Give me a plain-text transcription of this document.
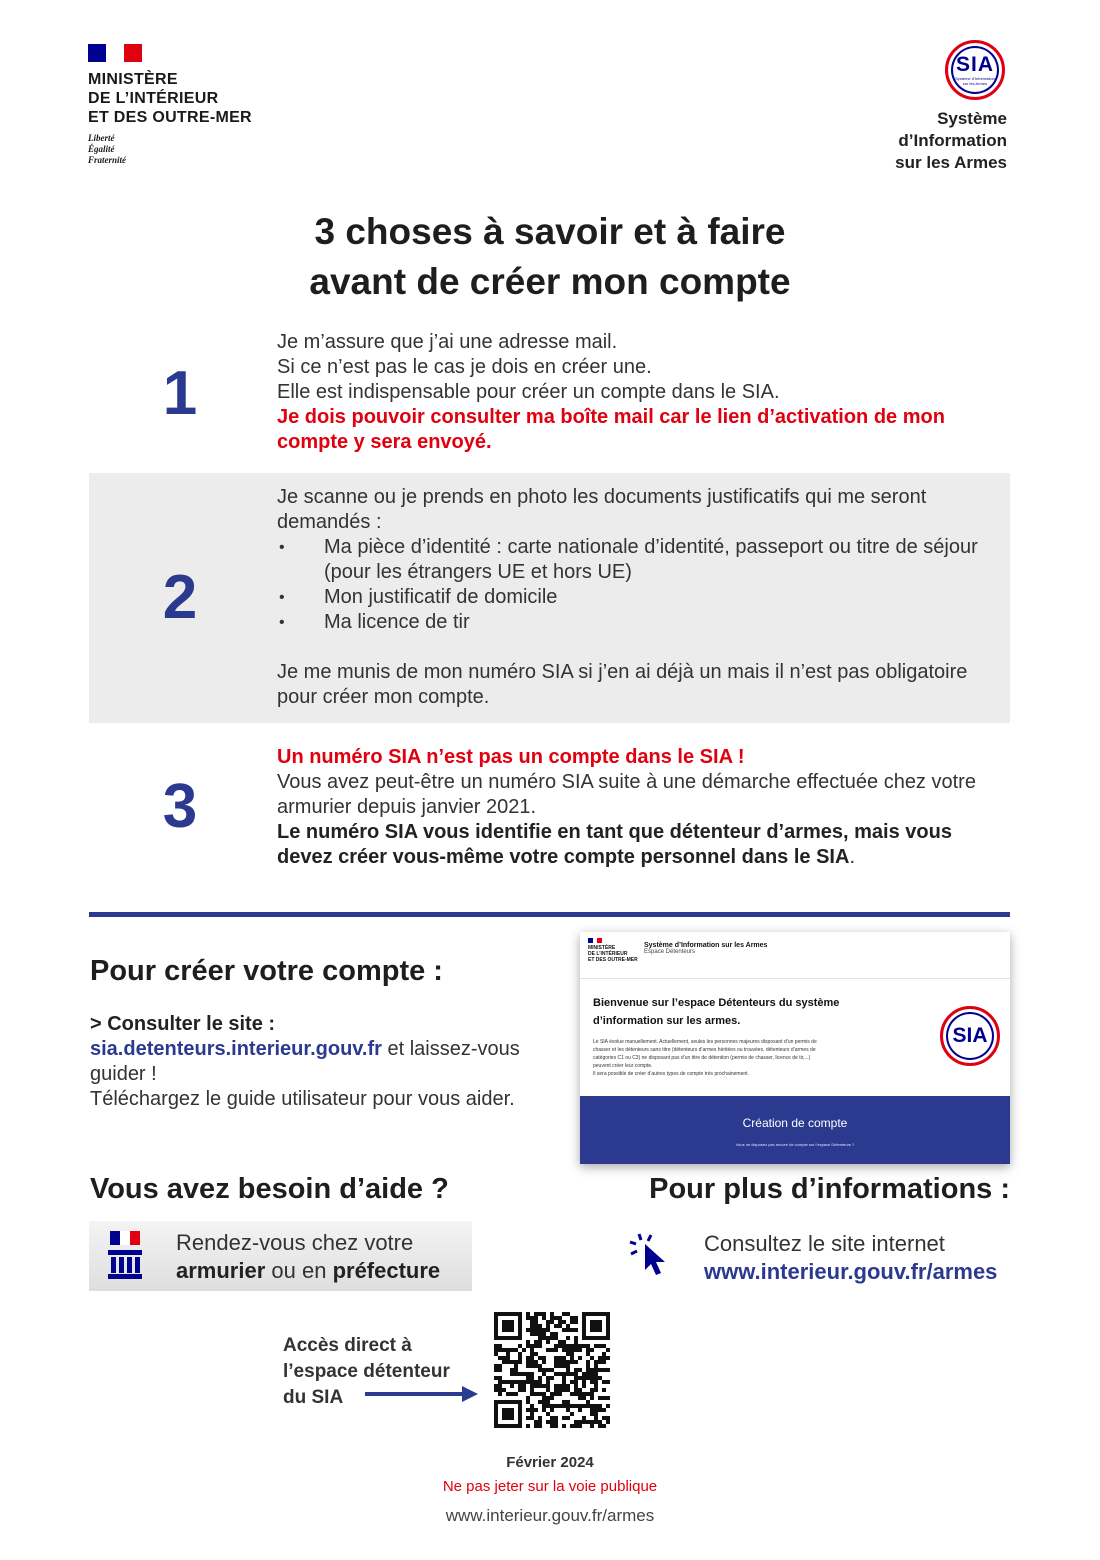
MINISTÈRE
DE L’INTÉRIEUR
ET DES OUTRE-MER
Liberté
Égalité
Fraternité
SIA
Système d’Information sur les Armes
Système
d’Information
sur les Armes
3 choses à savoir et à faire
avant de créer mon compte
1
Je m’assure que j’ai une adresse mail.
Si ce n’est pas le cas je dois en créer une.
Elle est indispensable pour créer un compte dans le SIA.
Je dois pouvoir consulter ma boîte mail car le lien d’activation de mon compte y sera envoyé.
2
Je scanne ou je prends en photo les documents justificatifs qui me seront demandés :
• Ma pièce d’identité : carte nationale d’identité, passeport ou titre de séjour (pour les étrangers UE et hors UE)
• Mon justificatif de domicile
• Ma licence de tir
Je me munis de mon numéro SIA si j’en ai déjà un mais il n’est pas obligatoire pour créer mon compte.
3
Un numéro SIA n’est pas un compte dans le SIA !
Vous avez peut-être un numéro SIA suite à une démarche effectuée chez votre armurier depuis janvier 2021.
Le numéro SIA vous identifie en tant que détenteur d’armes, mais vous devez créer vous-même votre compte personnel dans le SIA.
Pour créer votre compte :
> Consulter le site :
sia.detenteurs.interieur.gouv.fr et laissez-vous guider !
Téléchargez le guide utilisateur pour vous aider.
MINISTÈRE
DE L’INTÉRIEUR
ET DES OUTRE-MER
Système d’Information sur les Armes
Espace Détenteurs
Bienvenue sur l’espace Détenteurs du système
d’information sur les armes.
Le SIA évolue manuellement. Actuellement, seules les personnes majeures disposant d’un permis de
chasser et les détenteurs sans titre (détenteurs d’armes héritées ou trouvées, détenteurs d’armes de
catégories C1 ou C3) ne disposant pas d’un titre de détention (permis de chasser, licence de tir,...)
peuvent créer leur compte.
Il sera possible de créer d’autres types de compte très prochainement.
SIA
Création de compte
Vous ne disposez pas encore de compte sur l’espace Détenteurs ?
Vous avez besoin d’aide ?
Rendez-vous chez votre
armurier ou en préfecture
Pour plus d’informations :
Consultez le site internet
www.interieur.gouv.fr/armes
Accès direct à
l’espace détenteur
du SIA
Février 2024
Ne pas jeter sur la voie publique
www.interieur.gouv.fr/armes
